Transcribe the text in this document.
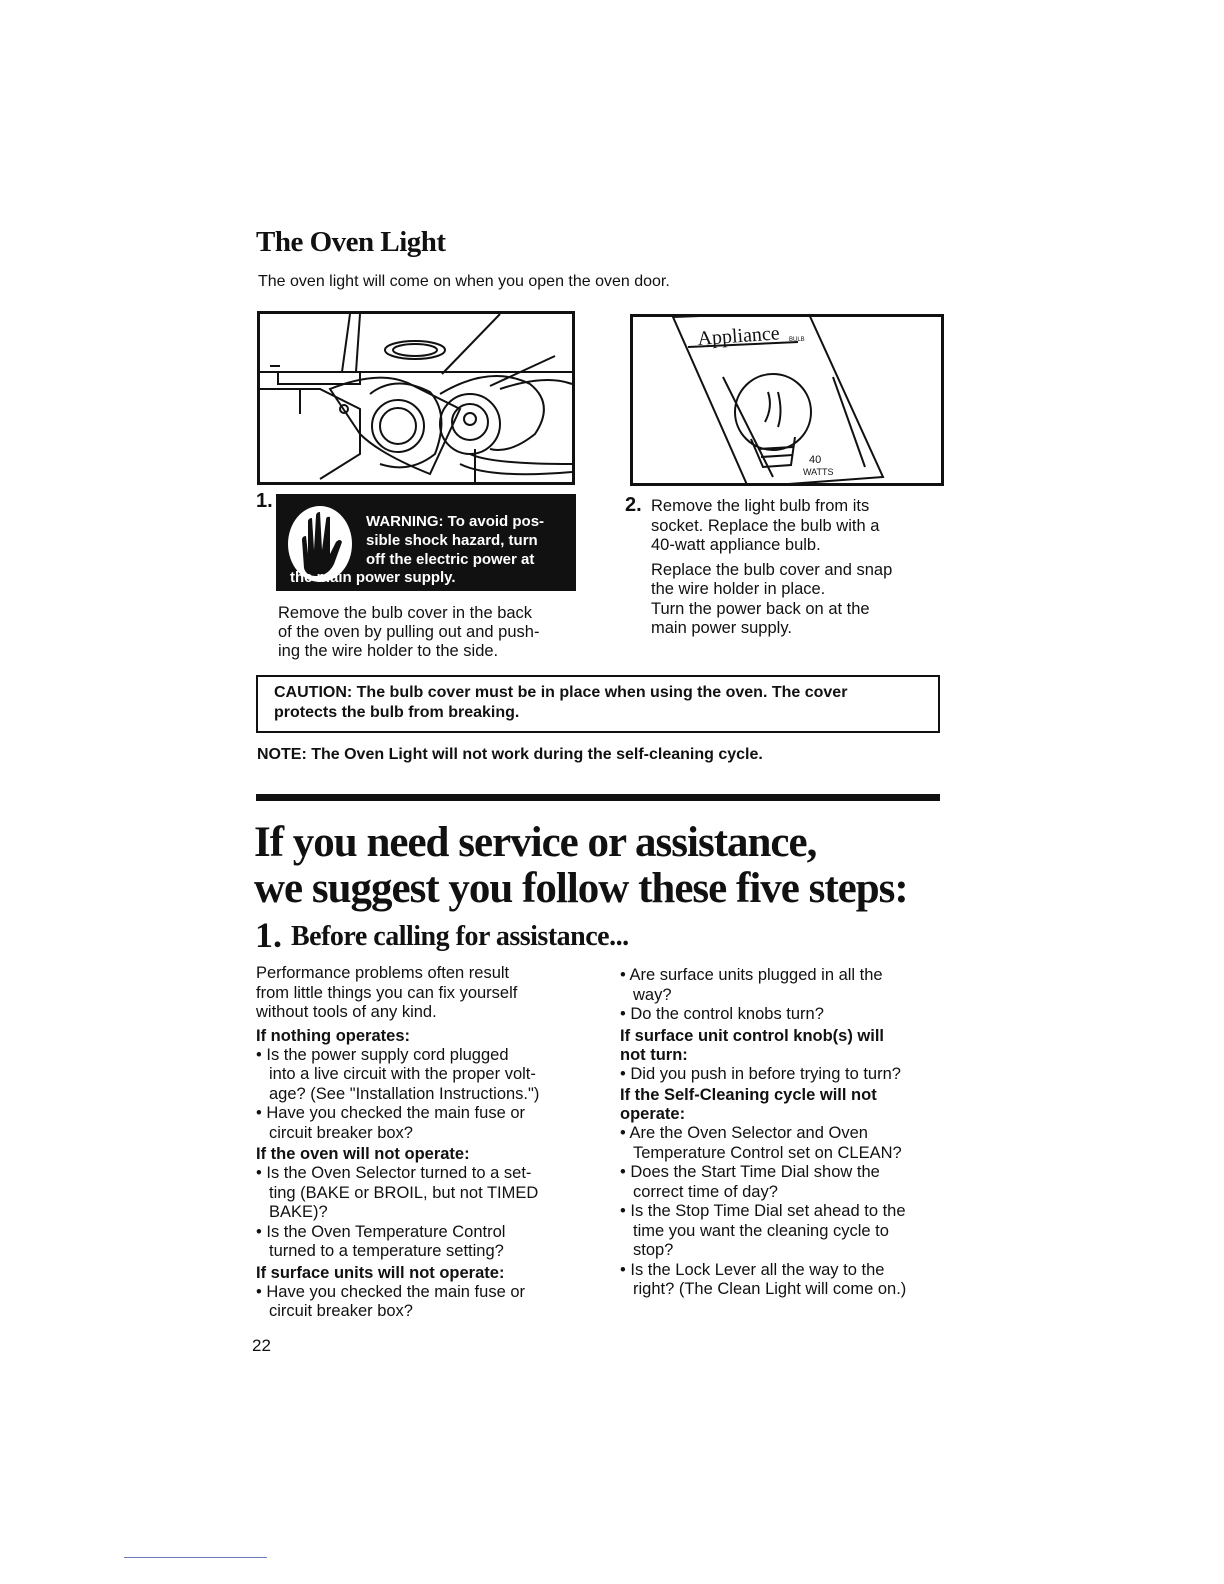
The Oven Light
The oven light will come on when you open the oven door.
Appliance BULB
40
WATTS
1.
WARNING: To avoid pos-
sible shock hazard, turn
off the electric power at
the main power supply.
Remove the bulb cover in the back
of the oven by pulling out and push-
ing the wire holder to the side.
2. Remove the light bulb from its
socket. Replace the bulb with a
40-watt appliance bulb.
Replace the bulb cover and snap
the wire holder in place.
Turn the power back on at the
main power supply.
CAUTION: The bulb cover must be in place when using the oven. The cover
protects the bulb from breaking.
NOTE: The Oven Light will not work during the self-cleaning cycle.
If you need service or assistance,
we suggest you follow these five steps:
1. Before calling for assistance...

Performance problems often result

from little things you can fix yourself

without tools of any kind.

If nothing operates:

• Is the power supply cord plugged

into a live circuit with the proper volt-

age? (See "Installation Instructions.")

• Have you checked the main fuse or

circuit breaker box?

If the oven will not operate:

• Is the Oven Selector turned to a set-

ting (BAKE or BROIL, but not TIMED

BAKE)?

• Is the Oven Temperature Control

turned to a temperature setting?

If surface units will not operate:

• Have you checked the main fuse or

circuit breaker box?

• Are surface units plugged in all the

way?

• Do the control knobs turn?

If surface unit control knob(s) will

not turn:

• Did you push in before trying to turn?

If the Self-Cleaning cycle will not

operate:

• Are the Oven Selector and Oven

Temperature Control set on CLEAN?

• Does the Start Time Dial show the

correct time of day?

• Is the Stop Time Dial set ahead to the

time you want the cleaning cycle to

stop?

• Is the Lock Lever all the way to the

right? (The Clean Light will come on.)

22
